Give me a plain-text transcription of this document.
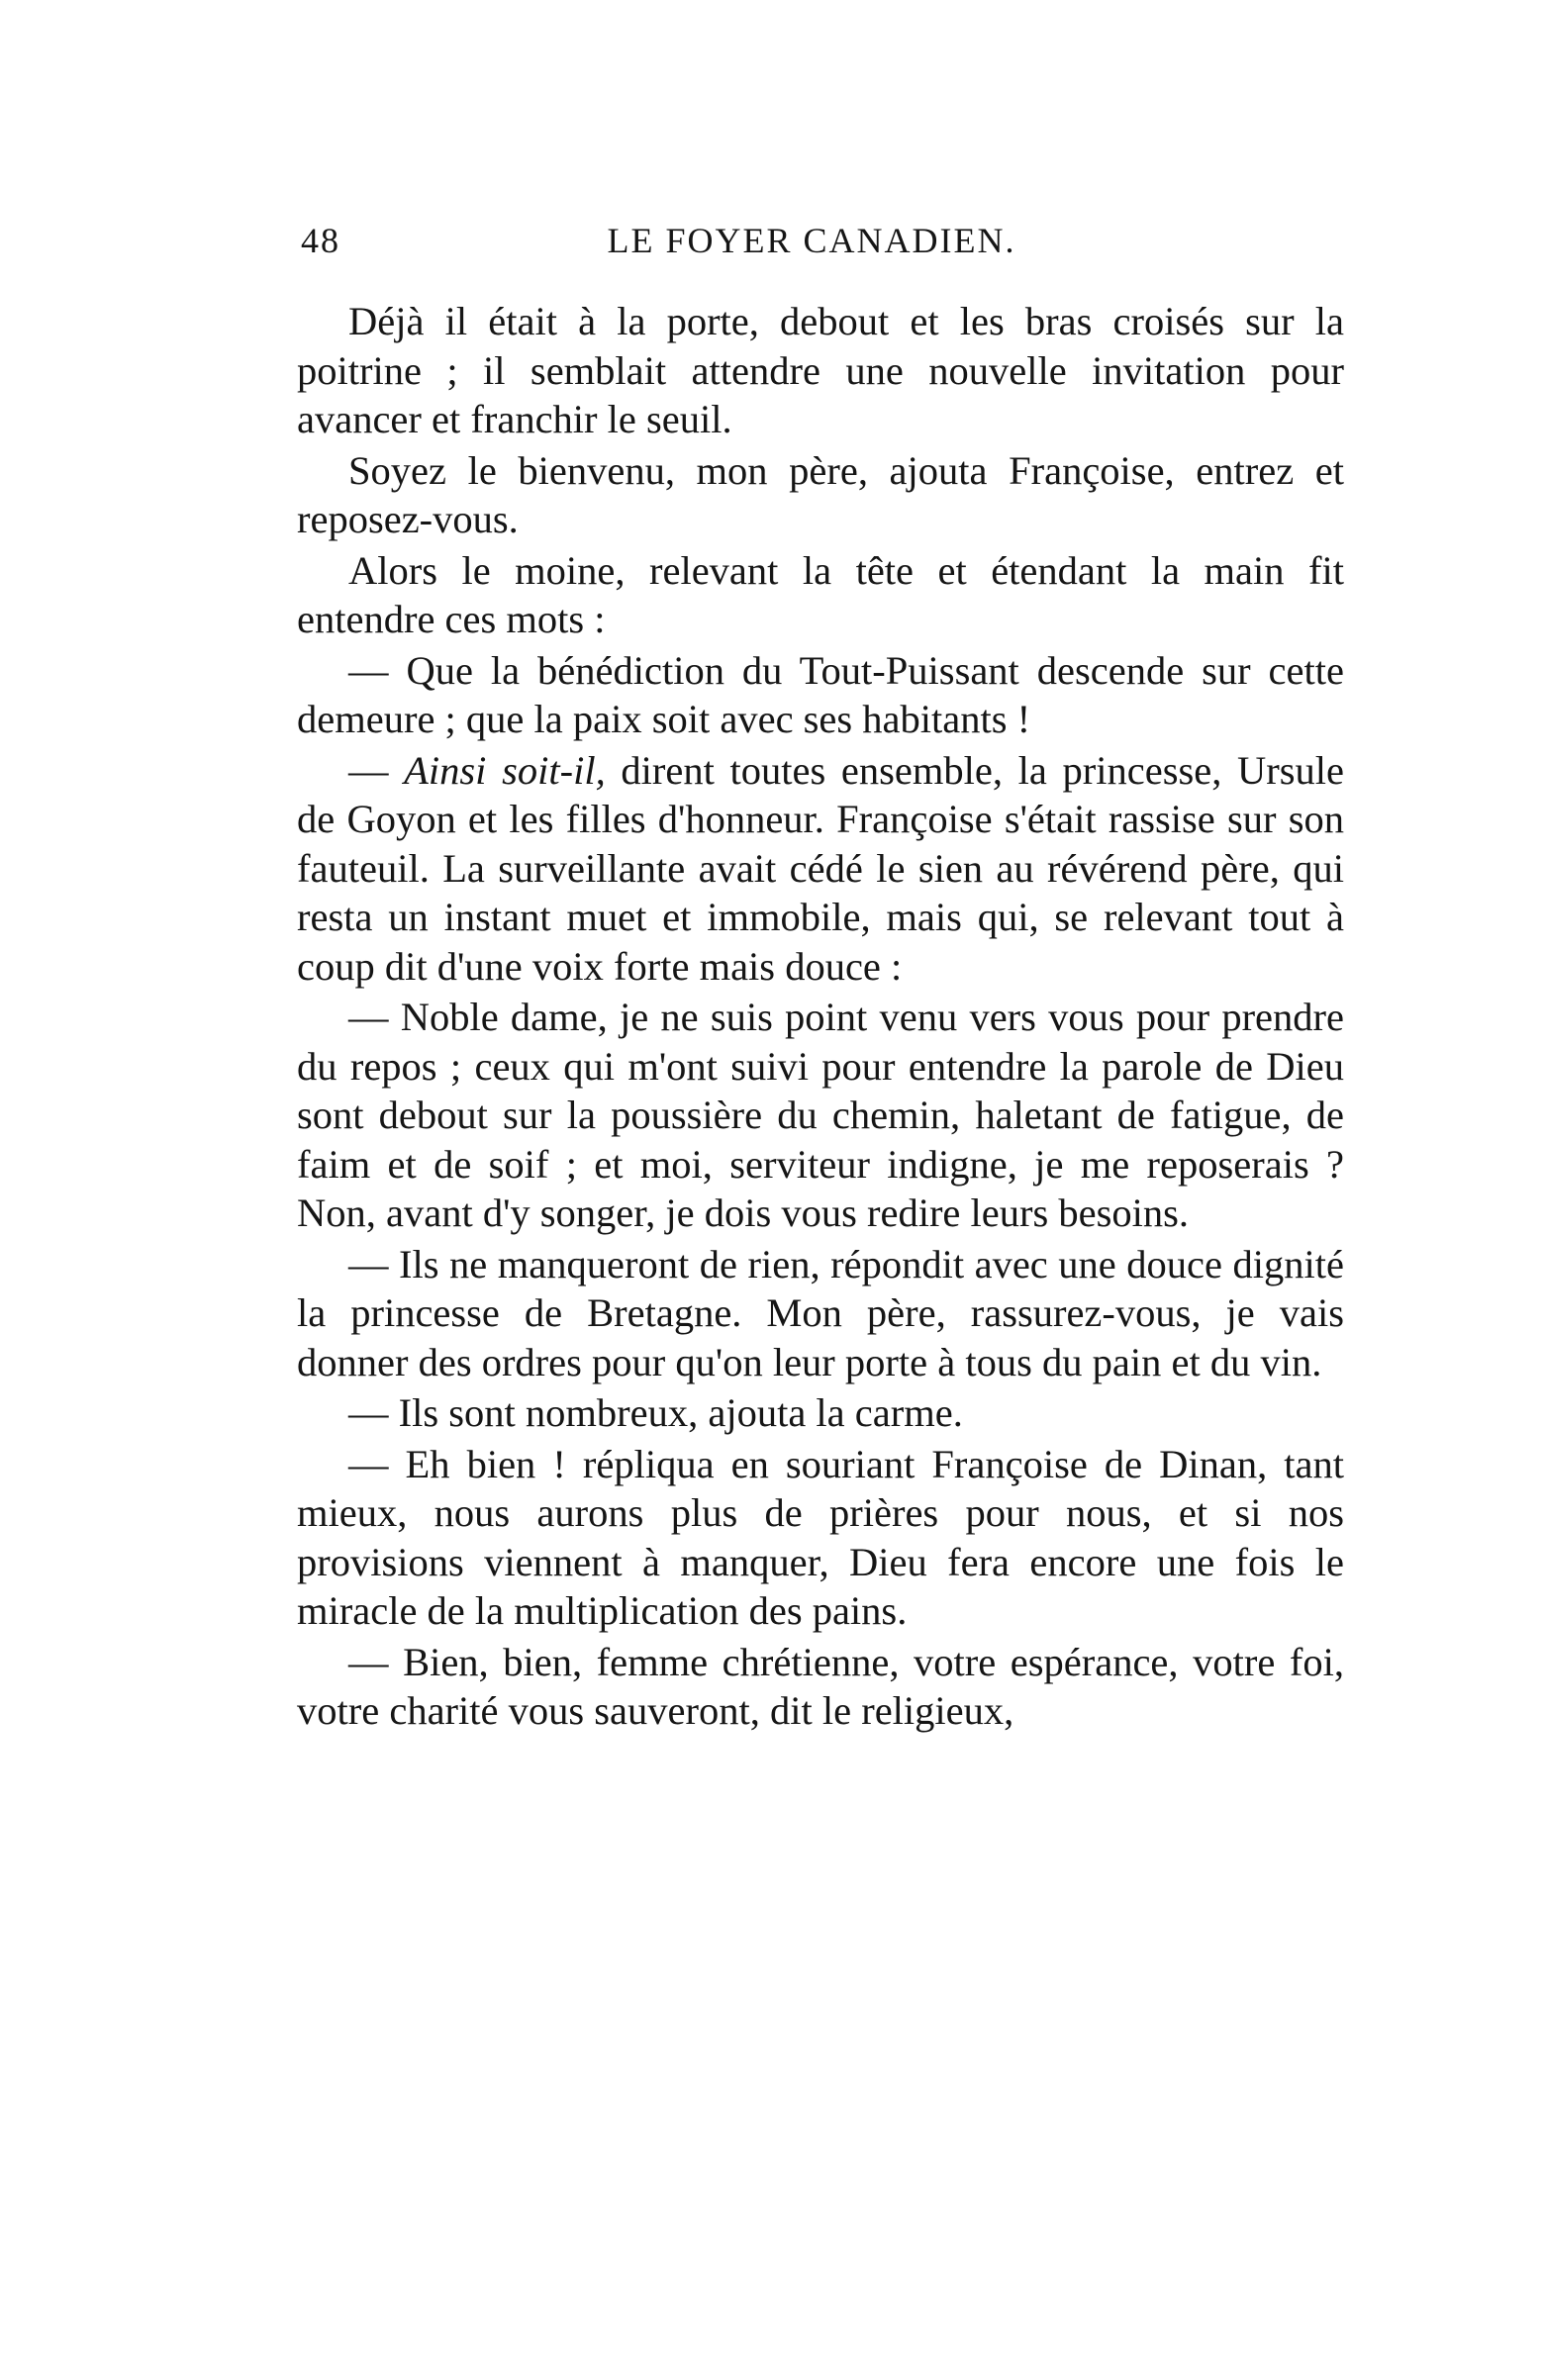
48	LE FOYER CANADIEN.

Déjà il était à la porte, debout et les bras croisés sur la poitrine ; il semblait attendre une nouvelle invitation pour avancer et franchir le seuil.

Soyez le bienvenu, mon père, ajouta Françoise, entrez et reposez-vous.

Alors le moine, relevant la tête et étendant la main fit entendre ces mots :

— Que la bénédiction du Tout-Puissant descende sur cette demeure ; que la paix soit avec ses habitants !

— Ainsi soit-il, dirent toutes ensemble, la princesse, Ursule de Goyon et les filles d'honneur. Françoise s'était rassise sur son fauteuil. La surveillante avait cédé le sien au révérend père, qui resta un instant muet et immobile, mais qui, se relevant tout à coup dit d'une voix forte mais douce :

— Noble dame, je ne suis point venu vers vous pour prendre du repos ; ceux qui m'ont suivi pour entendre la parole de Dieu sont debout sur la poussière du chemin, haletant de fatigue, de faim et de soif ; et moi, serviteur indigne, je me reposerais ? Non, avant d'y songer, je dois vous redire leurs besoins.

— Ils ne manqueront de rien, répondit avec une douce dignité la princesse de Bretagne. Mon père, rassurez-vous, je vais donner des ordres pour qu'on leur porte à tous du pain et du vin.

— Ils sont nombreux, ajouta la carme.

— Eh bien ! répliqua en souriant Françoise de Dinan, tant mieux, nous aurons plus de prières pour nous, et si nos provisions viennent à manquer, Dieu fera encore une fois le miracle de la multiplication des pains.

— Bien, bien, femme chrétienne, votre espérance, votre foi, votre charité vous sauveront, dit le religieux,
